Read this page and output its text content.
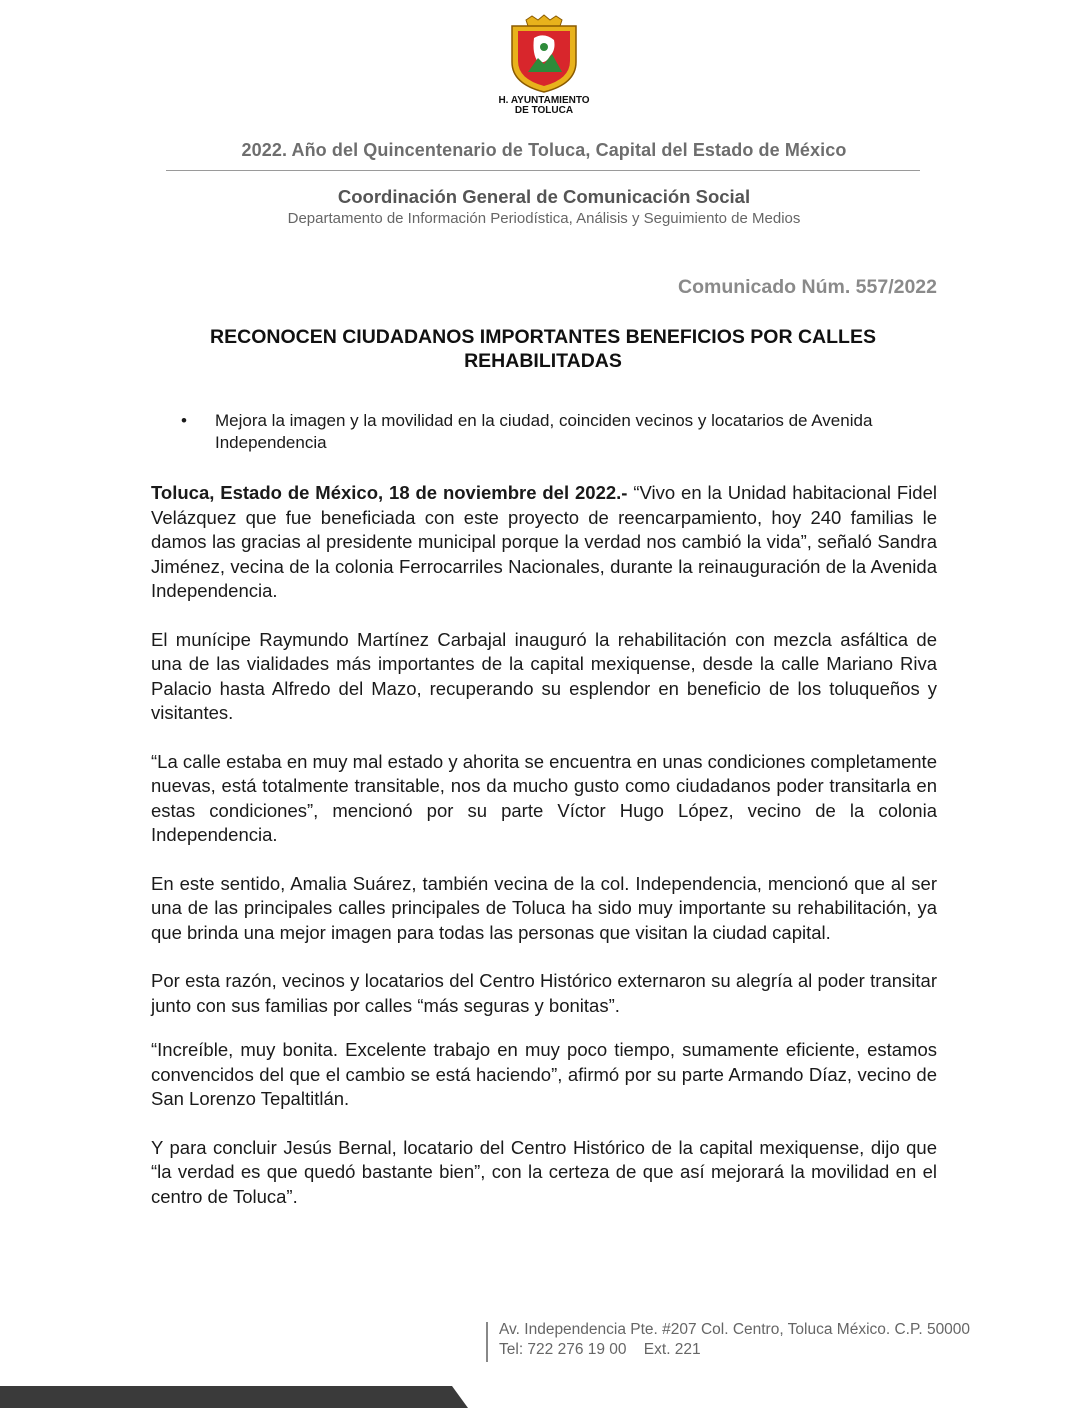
H. AYUNTAMIENTO
DE TOLUCA
2022. Año del Quincentenario de Toluca, Capital del Estado de México
Coordinación General de Comunicación Social
Departamento de Información Periodística, Análisis y Seguimiento de Medios
Comunicado Núm. 557/2022
RECONOCEN CIUDADANOS IMPORTANTES BENEFICIOS POR CALLES REHABILITADAS
• Mejora la imagen y la movilidad en la ciudad, coinciden vecinos y locatarios de Avenida Independencia

Toluca, Estado de México, 18 de noviembre del 2022.- “Vivo en la Unidad habitacional Fidel Velázquez que fue beneficiada con este proyecto de reencarpamiento, hoy 240 familias le damos las gracias al presidente municipal porque la verdad nos cambió la vida”, señaló Sandra Jiménez, vecina de la colonia Ferrocarriles Nacionales, durante la reinauguración de la Avenida Independencia.

El munícipe Raymundo Martínez Carbajal inauguró la rehabilitación con mezcla asfáltica de una de las vialidades más importantes de la capital mexiquense, desde la calle Mariano Riva Palacio hasta Alfredo del Mazo, recuperando su esplendor en beneficio de los toluqueños y visitantes.

“La calle estaba en muy mal estado y ahorita se encuentra en unas condiciones completamente nuevas, está totalmente transitable, nos da mucho gusto como ciudadanos poder transitarla en estas condiciones”, mencionó por su parte Víctor Hugo López, vecino de la colonia Independencia.

En este sentido, Amalia Suárez, también vecina de la col. Independencia, mencionó que al ser una de las principales calles principales de Toluca ha sido muy importante su rehabilitación, ya que brinda una mejor imagen para todas las personas que visitan la ciudad capital.

Por esta razón, vecinos y locatarios del Centro Histórico externaron su alegría al poder transitar junto con sus familias por calles “más seguras y bonitas”.

“Increíble, muy bonita. Excelente trabajo en muy poco tiempo, sumamente eficiente, estamos convencidos del que el cambio se está haciendo”, afirmó por su parte Armando Díaz, vecino de San Lorenzo Tepaltitlán.

Y para concluir Jesús Bernal, locatario del Centro Histórico de la capital mexiquense, dijo que “la verdad es que quedó bastante bien”, con la certeza de que así mejorará la movilidad en el centro de Toluca”.

Av. Independencia Pte. #207 Col. Centro, Toluca México. C.P. 50000
Tel: 722 276 19 00 Ext. 221
